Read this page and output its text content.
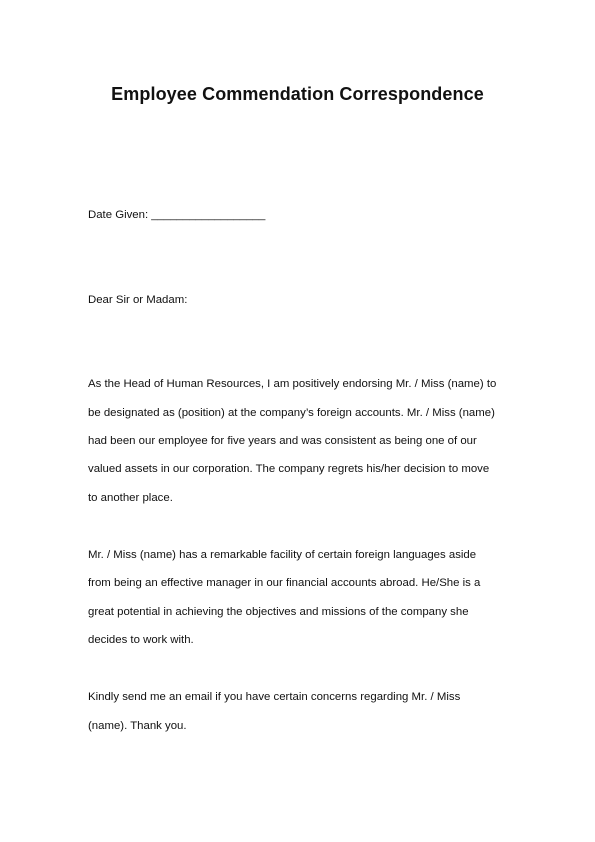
Employee Commendation Correspondence
Date Given: __________________
Dear Sir or Madam:
As the Head of Human Resources, I am positively endorsing Mr. / Miss (name) to
be designated as (position) at the company’s foreign accounts. Mr. / Miss (name)
had been our employee for five years and was consistent as being one of our
valued assets in our corporation. The company regrets his/her decision to move
to another place.
Mr. / Miss (name) has a remarkable facility of certain foreign languages aside
from being an effective manager in our financial accounts abroad. He/She is a
great potential in achieving the objectives and missions of the company she
decides to work with.
Kindly send me an email if you have certain concerns regarding Mr. / Miss
(name). Thank you.
